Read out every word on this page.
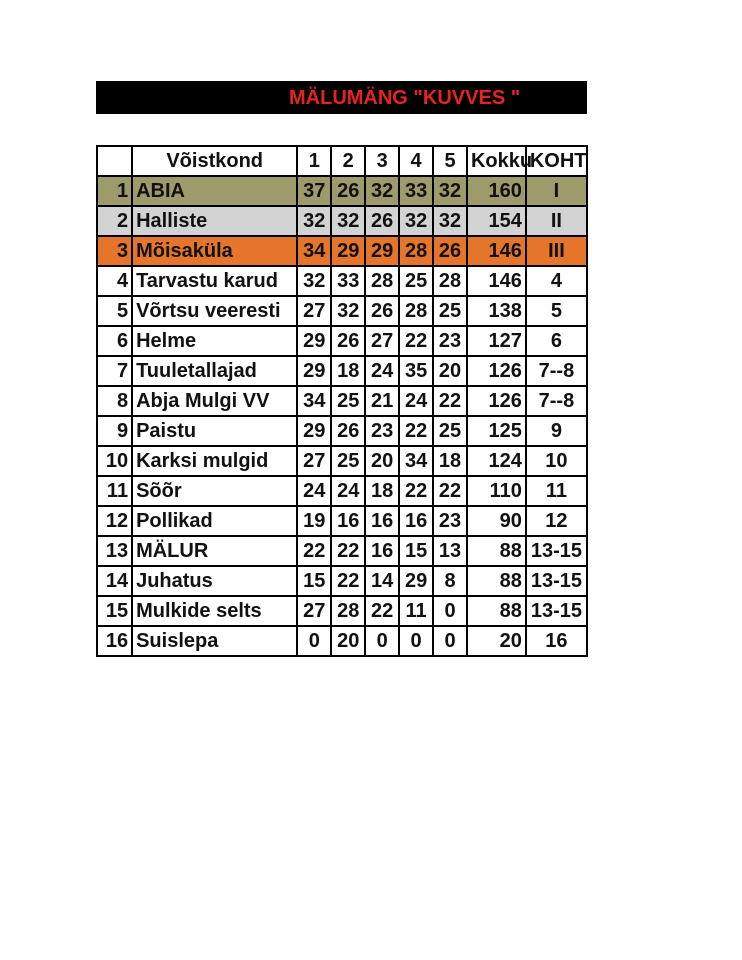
MÄLUMÄNG "KUVVES "
	Võistkond	1	2	3	4	5	Kokku	KOHT
1	ABIA	37	26	32	33	32	160	I
2	Halliste	32	32	26	32	32	154	II
3	Mõisaküla	34	29	29	28	26	146	III
4	Tarvastu karud	32	33	28	25	28	146	4
5	Võrtsu veeresti	27	32	26	28	25	138	5
6	Helme	29	26	27	22	23	127	6
7	Tuuletallajad	29	18	24	35	20	126	7--8
8	Abja Mulgi VV	34	25	21	24	22	126	7--8
9	Paistu	29	26	23	22	25	125	9
10	Karksi mulgid	27	25	20	34	18	124	10
11	Sõõr	24	24	18	22	22	110	11
12	Pollikad	19	16	16	16	23	90	12
13	MÄLUR	22	22	16	15	13	88	13-15
14	Juhatus	15	22	14	29	8	88	13-15
15	Mulkide selts	27	28	22	11	0	88	13-15
16	Suislepa	0	20	0	0	0	20	16
